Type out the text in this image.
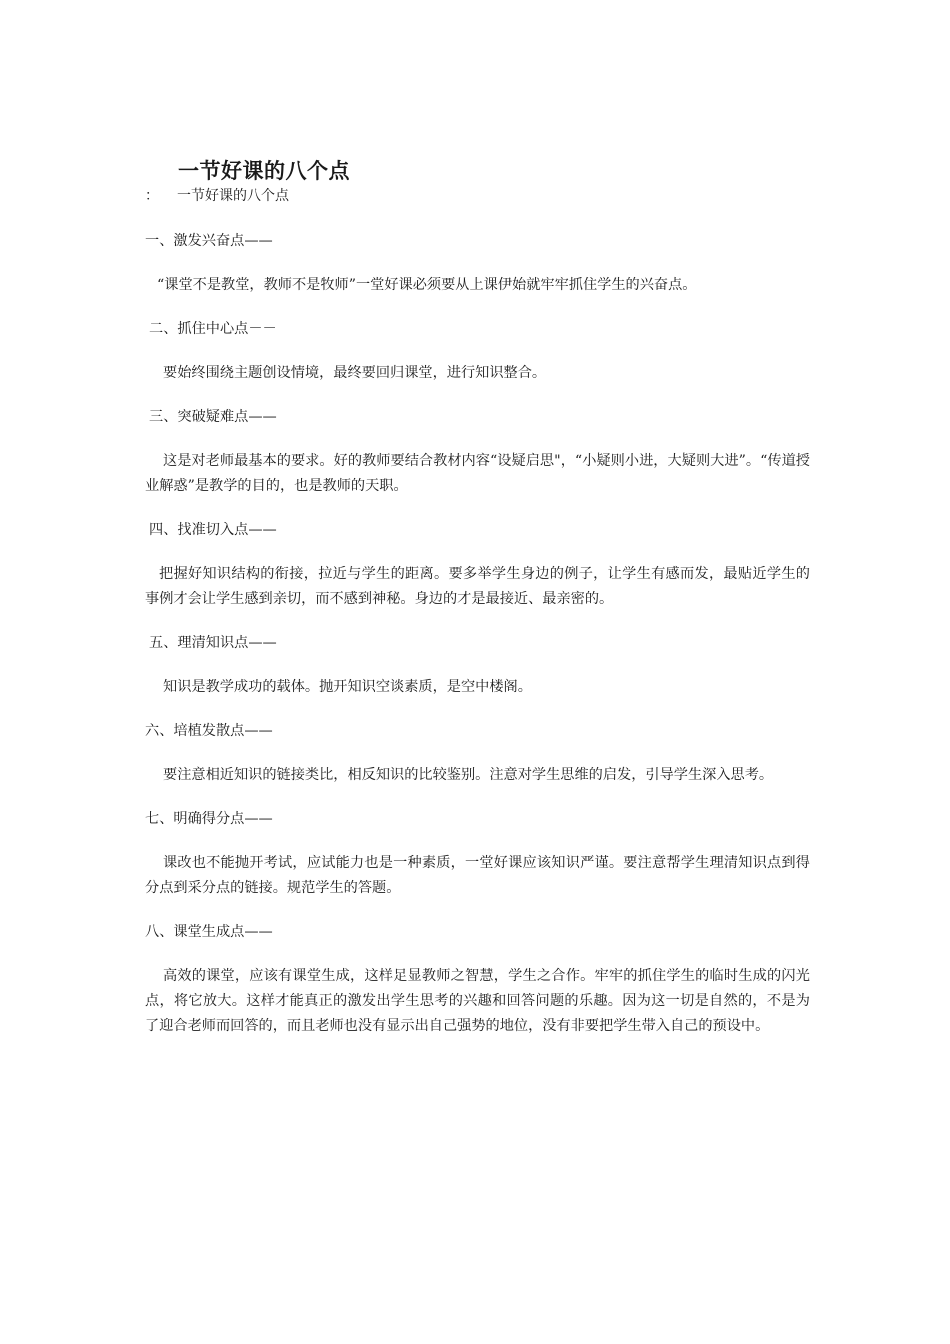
一节好课的八个点
： 一节好课的八个点

一、激发兴奋点——

“课堂不是教堂，教师不是牧师”一堂好课必须要从上课伊始就牢牢抓住学生的兴奋点。

二、抓住中心点－－

要始终围绕主题创设情境，最终要回归课堂，进行知识整合。

三、突破疑难点——

这是对老师最基本的要求。好的教师要结合教材内容“设疑启思"，“小疑则小进，大疑则大进”。“传道授业解惑”是教学的目的，也是教师的天职。

四、找准切入点——

把握好知识结构的衔接，拉近与学生的距离。要多举学生身边的例子，让学生有感而发，最贴近学生的事例才会让学生感到亲切，而不感到神秘。身边的才是最接近、最亲密的。

五、理清知识点——

知识是教学成功的载体。抛开知识空谈素质，是空中楼阁。

六、培植发散点——

要注意相近知识的链接类比，相反知识的比较鉴别。注意对学生思维的启发，引导学生深入思考。

七、明确得分点——

课改也不能抛开考试，应试能力也是一种素质，一堂好课应该知识严谨。要注意帮学生理清知识点到得分点到采分点的链接。规范学生的答题。

八、课堂生成点——

高效的课堂，应该有课堂生成，这样足显教师之智慧，学生之合作。牢牢的抓住学生的临时生成的闪光点，将它放大。这样才能真正的激发出学生思考的兴趣和回答问题的乐趣。因为这一切是自然的，不是为了迎合老师而回答的，而且老师也没有显示出自己强势的地位，没有非要把学生带入自己的预设中。
